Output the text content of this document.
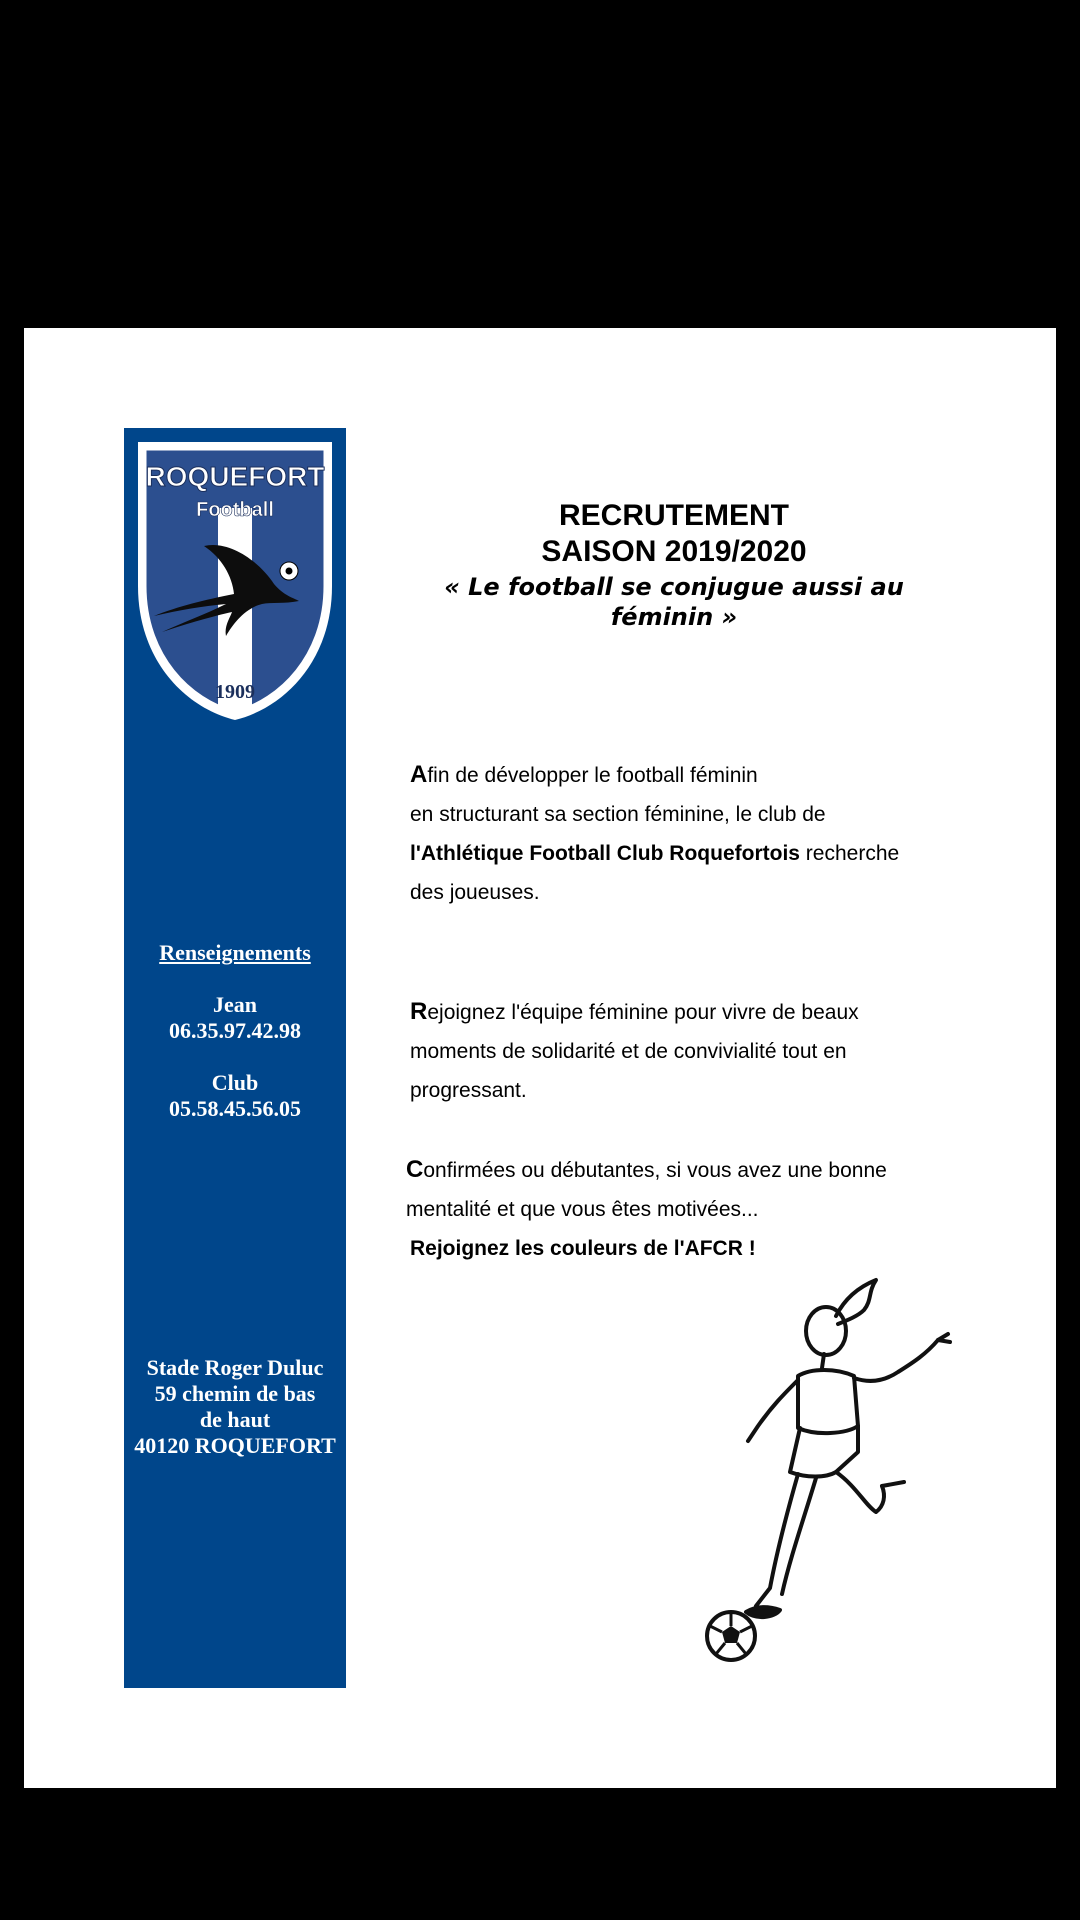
ROQUEFORT
Football
1909
Renseignements
Jean
06.35.97.42.98
Club
05.58.45.56.05
Stade Roger Duluc
59 chemin de bas
de haut
40120 ROQUEFORT
RECRUTEMENT
SAISON 2019/2020
« Le football se conjugue aussi au féminin »

Afin de développer le football féminin

en structurant sa section féminine, le club de

l'Athlétique Football Club Roquefortois recherche

des joueuses.

Rejoignez l'équipe féminine pour vivre de beaux moments de solidarité et de convivialité tout en progressant.

Confirmées ou débutantes, si vous avez une bonne mentalité et que vous êtes motivées...

Rejoignez les couleurs de l'AFCR !
